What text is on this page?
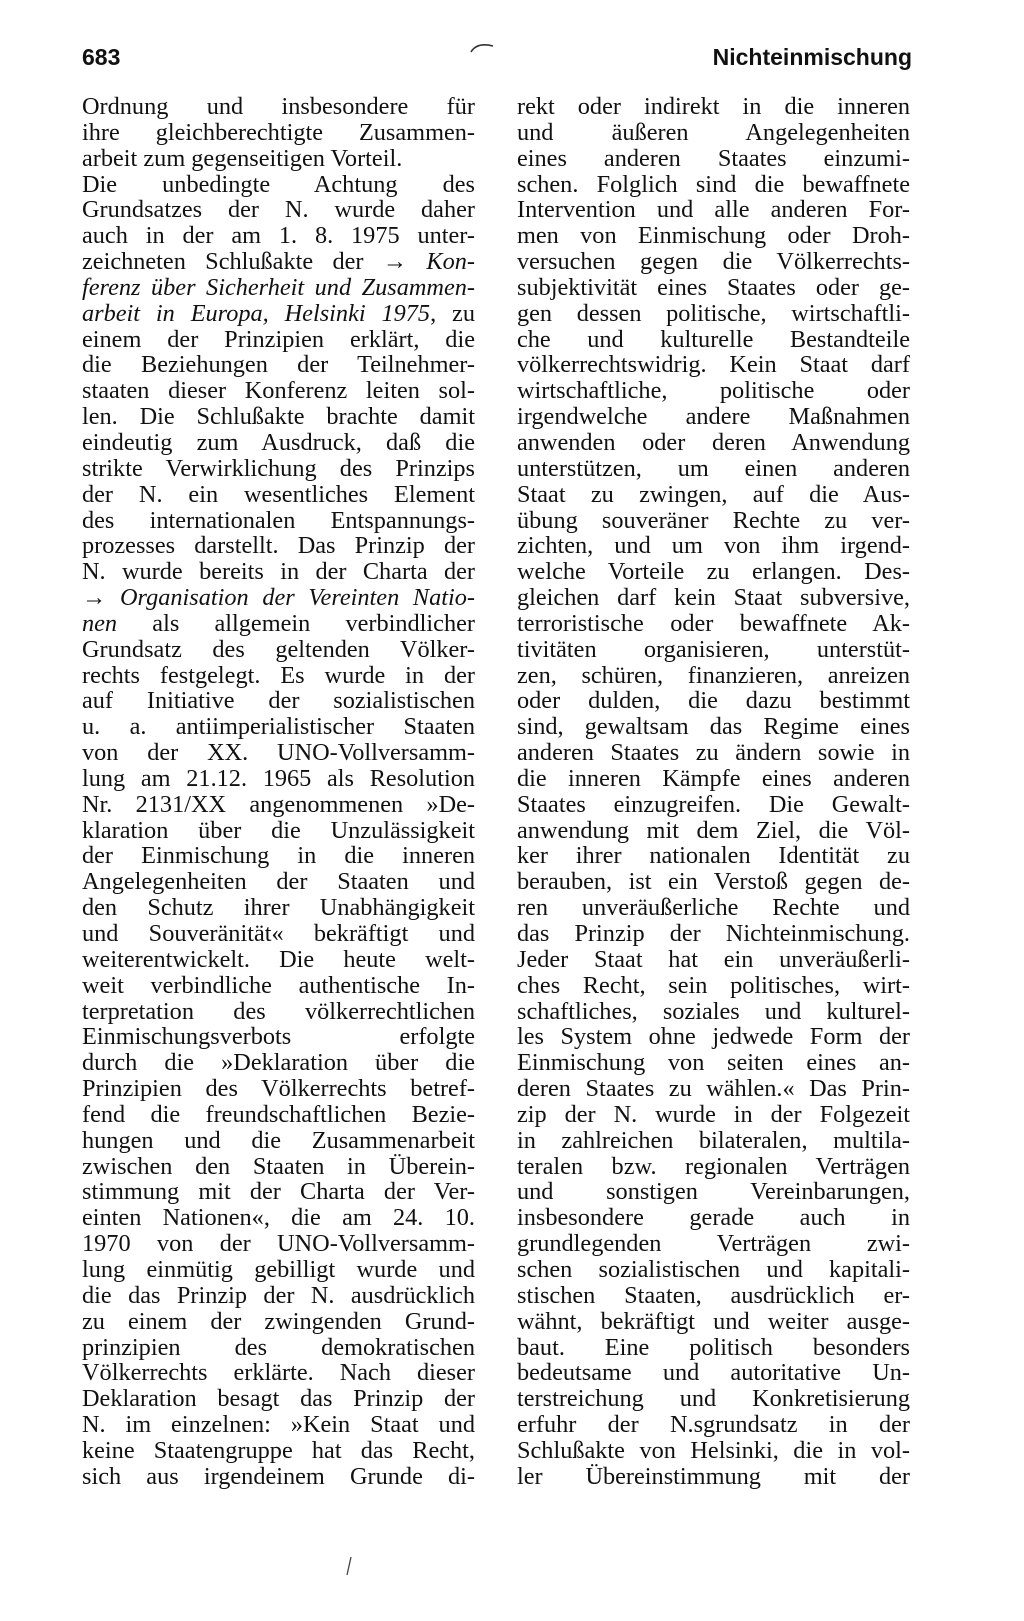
683	Nichteinmischung
Ordnung und insbesondere für
ihre gleichberechtigte Zusammen-
arbeit zum gegenseitigen Vorteil.
Die unbedingte Achtung des
Grundsatzes der N. wurde daher
auch in der am 1. 8. 1975 unter-
zeichneten Schlußakte der → Kon-
ferenz über Sicherheit und Zusammen-
arbeit in Europa, Helsinki 1975, zu
einem der Prinzipien erklärt, die
die Beziehungen der Teilnehmer-
staaten dieser Konferenz leiten sol-
len. Die Schlußakte brachte damit
eindeutig zum Ausdruck, daß die
strikte Verwirklichung des Prinzips
der N. ein wesentliches Element
des internationalen Entspannungs-
prozesses darstellt. Das Prinzip der
N. wurde bereits in der Charta der
→ Organisation der Vereinten Natio-
nen als allgemein verbindlicher
Grundsatz des geltenden Völker-
rechts festgelegt. Es wurde in der
auf Initiative der sozialistischen
u. a. antiimperialistischer Staaten
von der XX. UNO-Vollversamm-
lung am 21.12. 1965 als Resolution
Nr. 2131/XX angenommenen »De-
klaration über die Unzulässigkeit
der Einmischung in die inneren
Angelegenheiten der Staaten und
den Schutz ihrer Unabhängigkeit
und Souveränität« bekräftigt und
weiterentwickelt. Die heute welt-
weit verbindliche authentische In-
terpretation des völkerrechtlichen
Einmischungsverbots erfolgte
durch die »Deklaration über die
Prinzipien des Völkerrechts betref-
fend die freundschaftlichen Bezie-
hungen und die Zusammenarbeit
zwischen den Staaten in Überein-
stimmung mit der Charta der Ver-
einten Nationen«, die am 24. 10.
1970 von der UNO-Vollversamm-
lung einmütig gebilligt wurde und
die das Prinzip der N. ausdrücklich
zu einem der zwingenden Grund-
prinzipien des demokratischen
Völkerrechts erklärte. Nach dieser
Deklaration besagt das Prinzip der
N. im einzelnen: »Kein Staat und
keine Staatengruppe hat das Recht,
sich aus irgendeinem Grunde di-
rekt oder indirekt in die inneren
und äußeren Angelegenheiten
eines anderen Staates einzumi-
schen. Folglich sind die bewaffnete
Intervention und alle anderen For-
men von Einmischung oder Droh-
versuchen gegen die Völkerrechts-
subjektivität eines Staates oder ge-
gen dessen politische, wirtschaftli-
che und kulturelle Bestandteile
völkerrechtswidrig. Kein Staat darf
wirtschaftliche, politische oder
irgendwelche andere Maßnahmen
anwenden oder deren Anwendung
unterstützen, um einen anderen
Staat zu zwingen, auf die Aus-
übung souveräner Rechte zu ver-
zichten, und um von ihm irgend-
welche Vorteile zu erlangen. Des-
gleichen darf kein Staat subversive,
terroristische oder bewaffnete Ak-
tivitäten organisieren, unterstüt-
zen, schüren, finanzieren, anreizen
oder dulden, die dazu bestimmt
sind, gewaltsam das Regime eines
anderen Staates zu ändern sowie in
die inneren Kämpfe eines anderen
Staates einzugreifen. Die Gewalt-
anwendung mit dem Ziel, die Völ-
ker ihrer nationalen Identität zu
berauben, ist ein Verstoß gegen de-
ren unveräußerliche Rechte und
das Prinzip der Nichteinmischung.
Jeder Staat hat ein unveräußerli-
ches Recht, sein politisches, wirt-
schaftliches, soziales und kulturel-
les System ohne jedwede Form der
Einmischung von seiten eines an-
deren Staates zu wählen.« Das Prin-
zip der N. wurde in der Folgezeit
in zahlreichen bilateralen, multila-
teralen bzw. regionalen Verträgen
und sonstigen Vereinbarungen,
insbesondere gerade auch in
grundlegenden Verträgen zwi-
schen sozialistischen und kapitali-
stischen Staaten, ausdrücklich er-
wähnt, bekräftigt und weiter ausge-
baut. Eine politisch besonders
bedeutsame und autoritative Un-
terstreichung und Konkretisierung
erfuhr der N.sgrundsatz in der
Schlußakte von Helsinki, die in vol-
ler Übereinstimmung mit der
